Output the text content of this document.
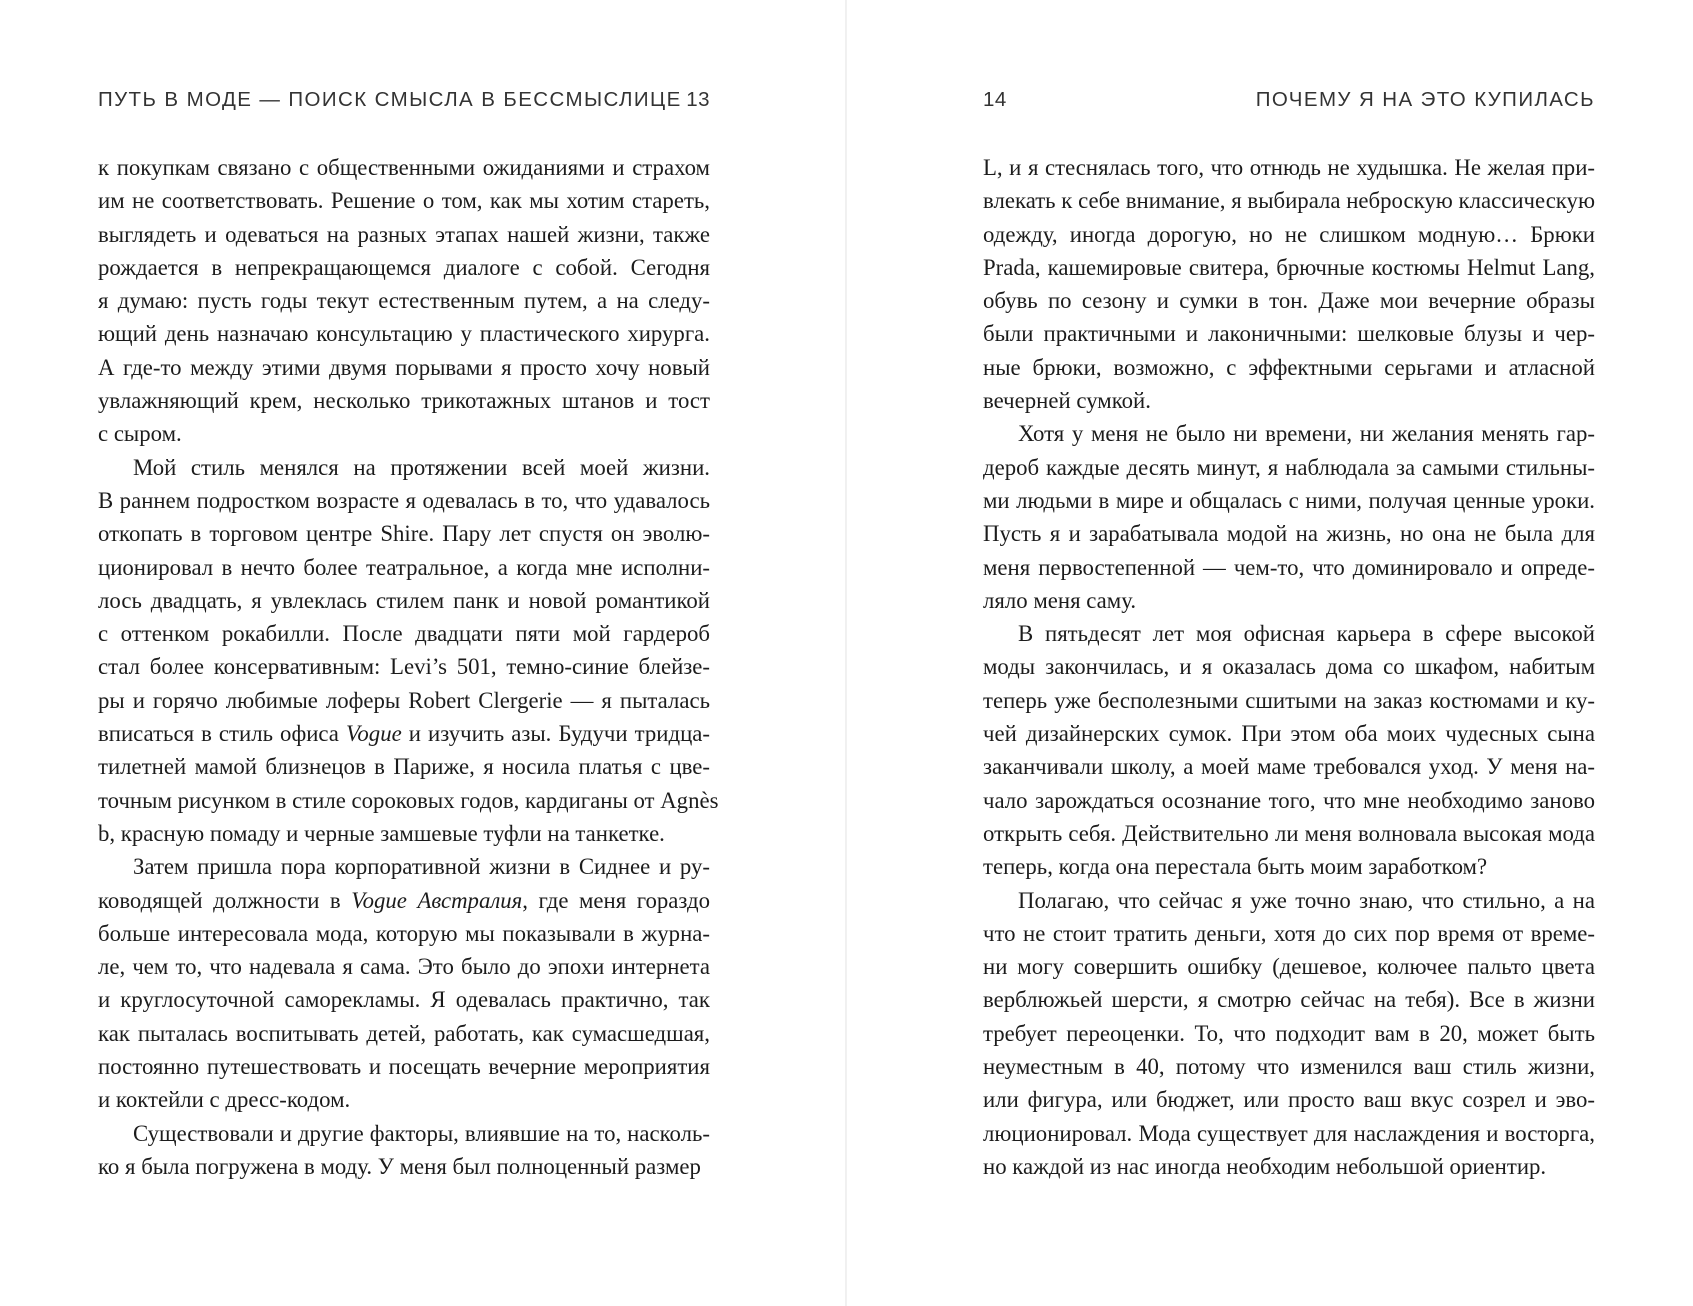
ПУТЬ В МОДЕ — ПОИСК СМЫСЛА В БЕССМЫСЛИЦЕ 13

к покупкам связано с общественными ожиданиями и страхом
им не соответствовать. Решение о том, как мы хотим стареть,
выглядеть и одеваться на разных этапах нашей жизни, также
рождается в непрекращающемся диалоге с собой. Сегодня
я думаю: пусть годы текут естественным путем, а на следу-
ющий день назначаю консультацию у пластического хирурга.
А где-то между этими двумя порывами я просто хочу новый
увлажняющий крем, несколько трикотажных штанов и тост
с сыром.

Мой стиль менялся на протяжении всей моей жизни.
В раннем подростком возрасте я одевалась в то, что удавалось
откопать в торговом центре Shire. Пару лет спустя он эволю-
ционировал в нечто более театральное, а когда мне исполни-
лось двадцать, я увлеклась стилем панк и новой романтикой
с оттенком рокабилли. После двадцати пяти мой гардероб
стал более консервативным: Levi’s 501, темно-синие блейзе-
ры и горячо любимые лоферы Robert Clergerie — я пыталась
вписаться в стиль офиса Vogue и изучить азы. Будучи тридца-
тилетней мамой близнецов в Париже, я носила платья с цве-
точным рисунком в стиле сороковых годов, кардиганы от Agnès
b, красную помаду и черные замшевые туфли на танкетке.

Затем пришла пора корпоративной жизни в Сиднее и ру-
ководящей должности в Vogue Австралия, где меня гораздо
больше интересовала мода, которую мы показывали в журна-
ле, чем то, что надевала я сама. Это было до эпохи интернета
и круглосуточной саморекламы. Я одевалась практично, так
как пыталась воспитывать детей, работать, как сумасшедшая,
постоянно путешествовать и посещать вечерние мероприятия
и коктейли с дресс-кодом.

Существовали и другие факторы, влиявшие на то, насколь-
ко я была погружена в моду. У меня был полноценный размер

14	ПОЧЕМУ Я НА ЭТО КУПИЛАСЬ

L, и я стеснялась того, что отнюдь не худышка. Не желая при-
влекать к себе внимание, я выбирала неброскую классическую
одежду, иногда дорогую, но не слишком модную… Брюки
Prada, кашемировые свитера, брючные костюмы Helmut Lang,
обувь по сезону и сумки в тон. Даже мои вечерние образы
были практичными и лаконичными: шелковые блузы и чер-
ные брюки, возможно, с эффектными серьгами и атласной
вечерней сумкой.

Хотя у меня не было ни времени, ни желания менять гар-
дероб каждые десять минут, я наблюдала за самыми стильны-
ми людьми в мире и общалась с ними, получая ценные уроки.
Пусть я и зарабатывала модой на жизнь, но она не была для
меня первостепенной — чем-то, что доминировало и опреде-
ляло меня саму.

В пятьдесят лет моя офисная карьера в сфере высокой
моды закончилась, и я оказалась дома со шкафом, набитым
теперь уже бесполезными сшитыми на заказ костюмами и ку-
чей дизайнерских сумок. При этом оба моих чудесных сына
заканчивали школу, а моей маме требовался уход. У меня на-
чало зарождаться осознание того, что мне необходимо заново
открыть себя. Действительно ли меня волновала высокая мода
теперь, когда она перестала быть моим заработком?

Полагаю, что сейчас я уже точно знаю, что стильно, а на
что не стоит тратить деньги, хотя до сих пор время от време-
ни могу совершить ошибку (дешевое, колючее пальто цвета
верблюжьей шерсти, я смотрю сейчас на тебя). Все в жизни
требует переоценки. То, что подходит вам в 20, может быть
неуместным в 40, потому что изменился ваш стиль жизни,
или фигура, или бюджет, или просто ваш вкус созрел и эво-
люционировал. Мода существует для наслаждения и восторга,
но каждой из нас иногда необходим небольшой ориентир.
